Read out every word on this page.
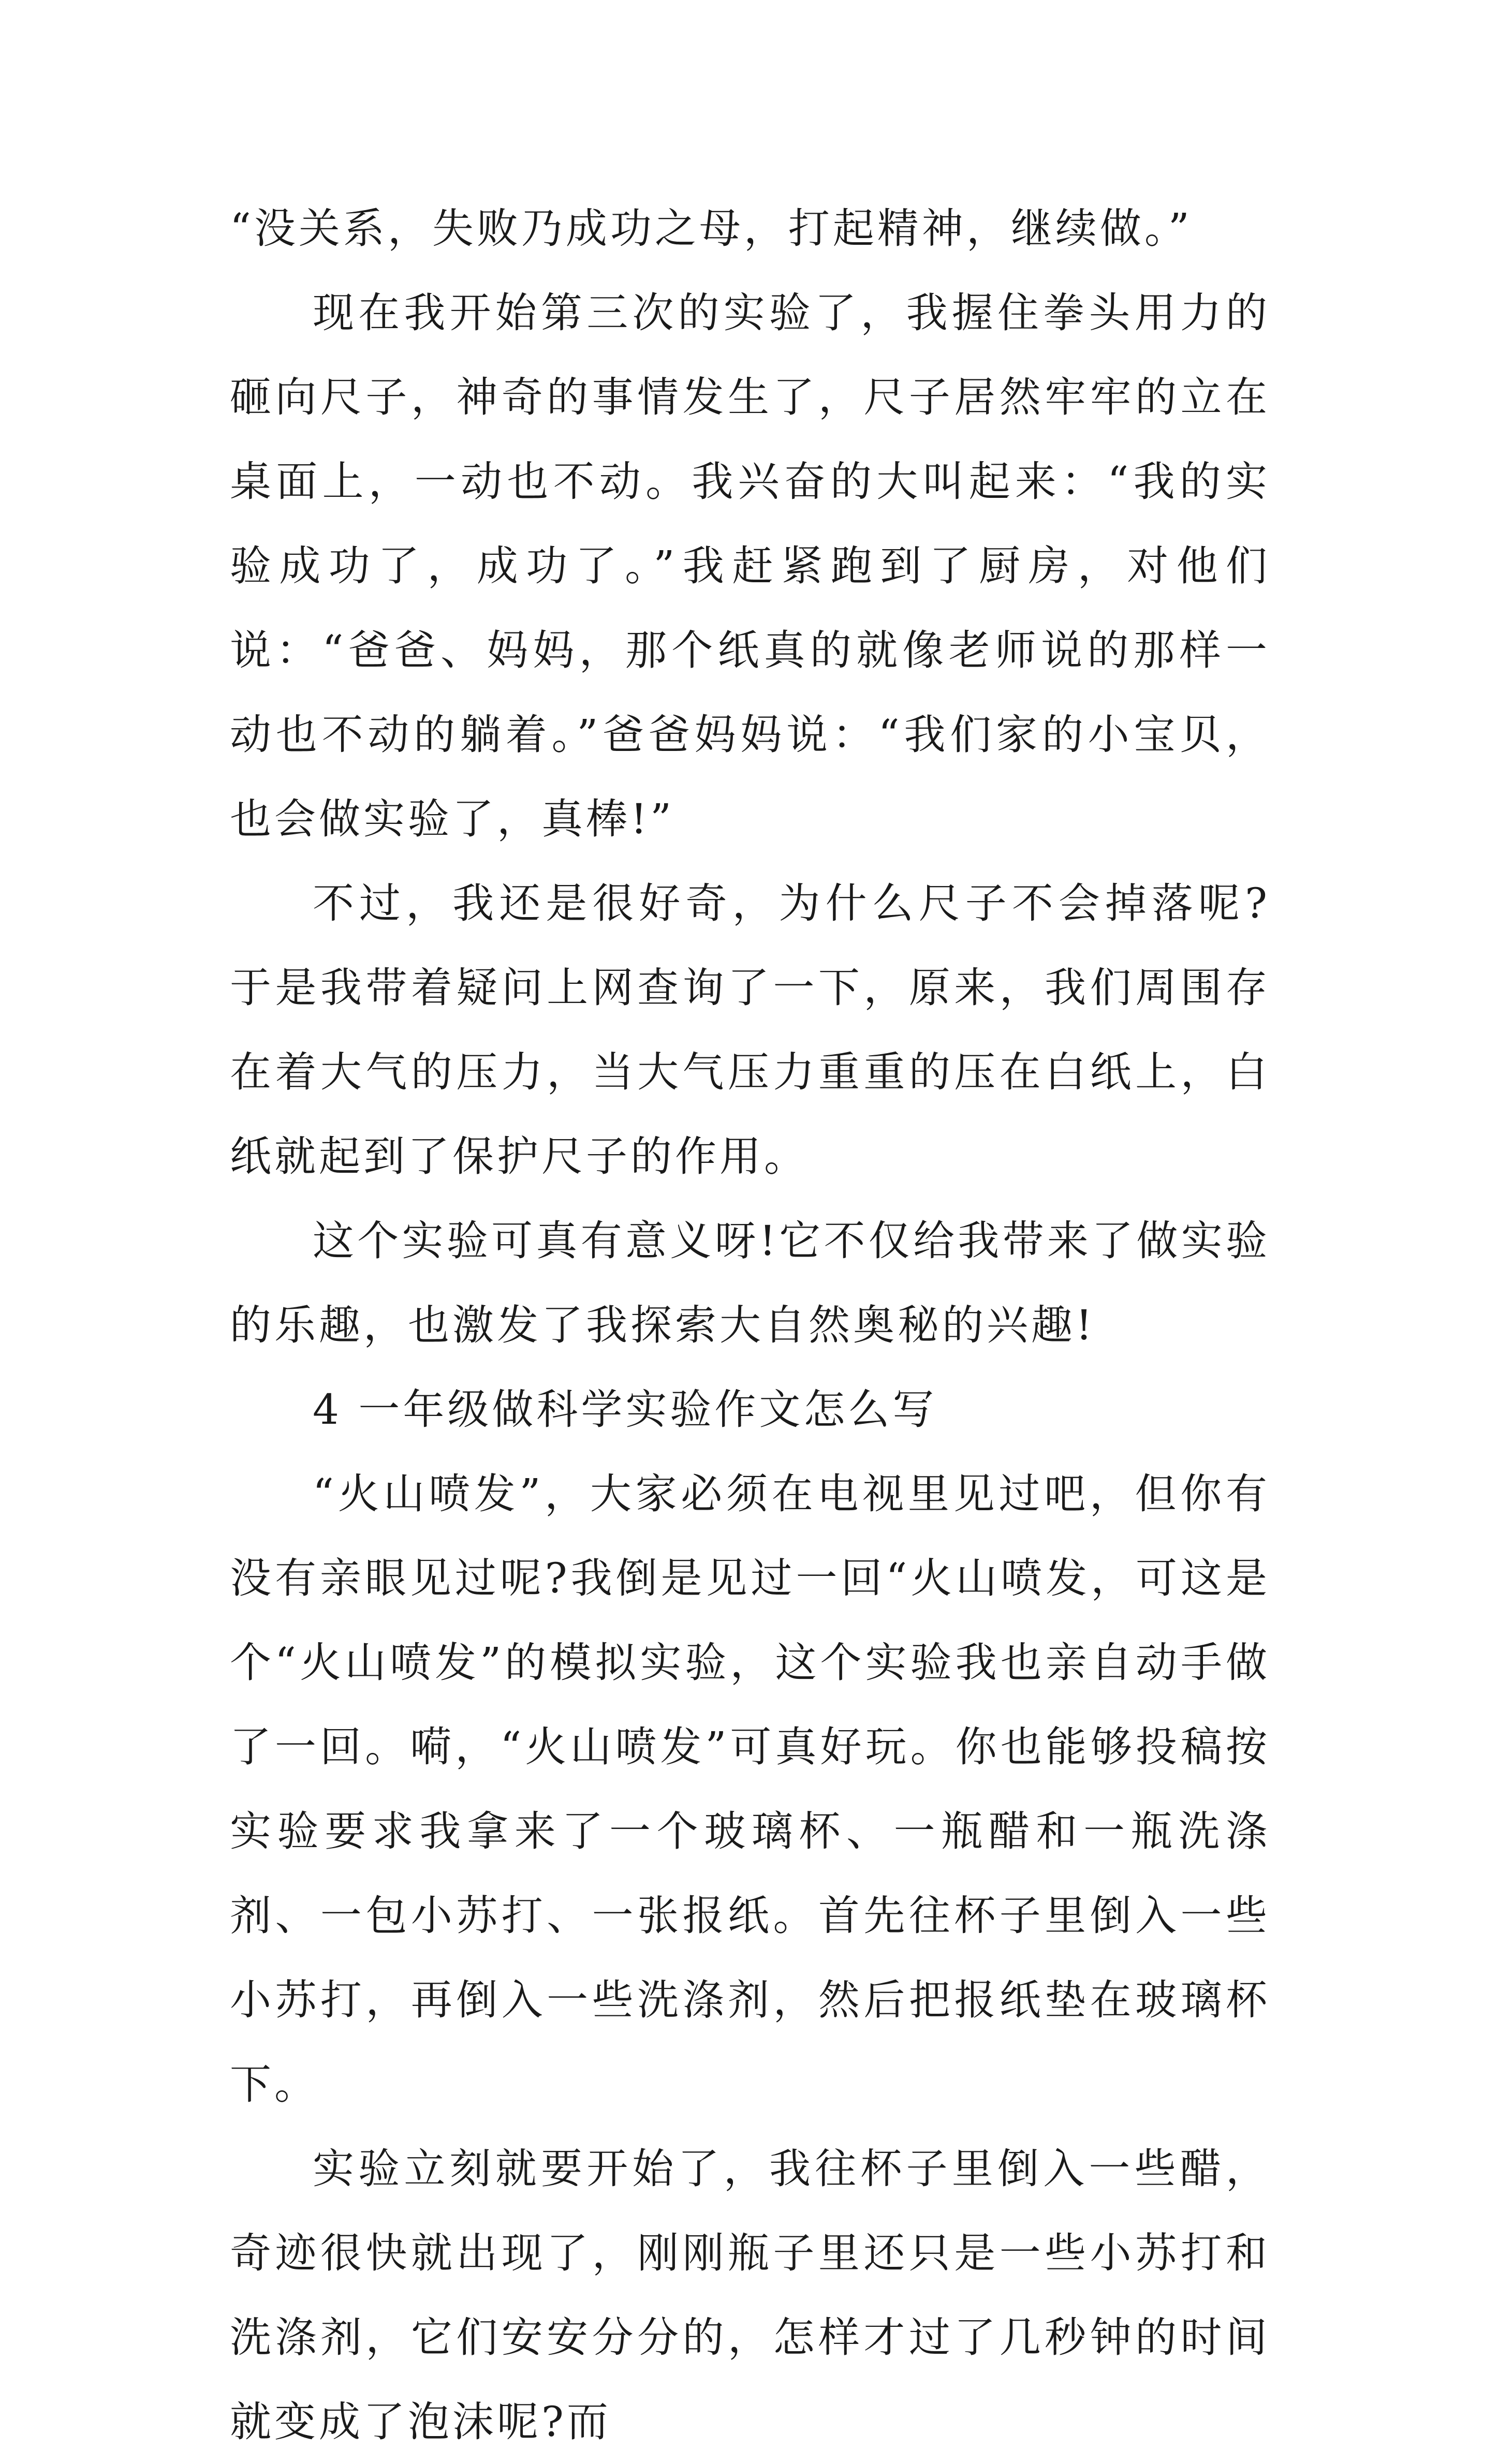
“没关系，失败乃成功之母，打起精神，继续做。”

现在我开始第三次的实验了，我握住拳头用力的砸向尺子，神奇的事情发生了，尺子居然牢牢的立在桌面上，一动也不动。我兴奋的大叫起来：“我的实验成功了，成功了。”我赶紧跑到了厨房，对他们说：“爸爸、妈妈，那个纸真的就像老师说的那样一动也不动的躺着。”爸爸妈妈说：“我们家的小宝贝，也会做实验了，真棒!”

不过，我还是很好奇，为什么尺子不会掉落呢?于是我带着疑问上网查询了一下，原来，我们周围存在着大气的压力，当大气压力重重的压在白纸上，白纸就起到了保护尺子的作用。

这个实验可真有意义呀!它不仅给我带来了做实验的乐趣，也激发了我探索大自然奥秘的兴趣!

4 一年级做科学实验作文怎么写

“火山喷发”，大家必须在电视里见过吧，但你有没有亲眼见过呢?我倒是见过一回“火山喷发，可这是个“火山喷发”的模拟实验，这个实验我也亲自动手做了一回。嗬，“火山喷发”可真好玩。你也能够投稿按实验要求我拿来了一个玻璃杯、一瓶醋和一瓶洗涤剂、一包小苏打、一张报纸。首先往杯子里倒入一些小苏打，再倒入一些洗涤剂，然后把报纸垫在玻璃杯下。

实验立刻就要开始了，我往杯子里倒入一些醋，奇迹很快就出现了，刚刚瓶子里还只是一些小苏打和洗涤剂，它们安安分分的，怎样才过了几秒钟的时间就变成了泡沫呢?而
